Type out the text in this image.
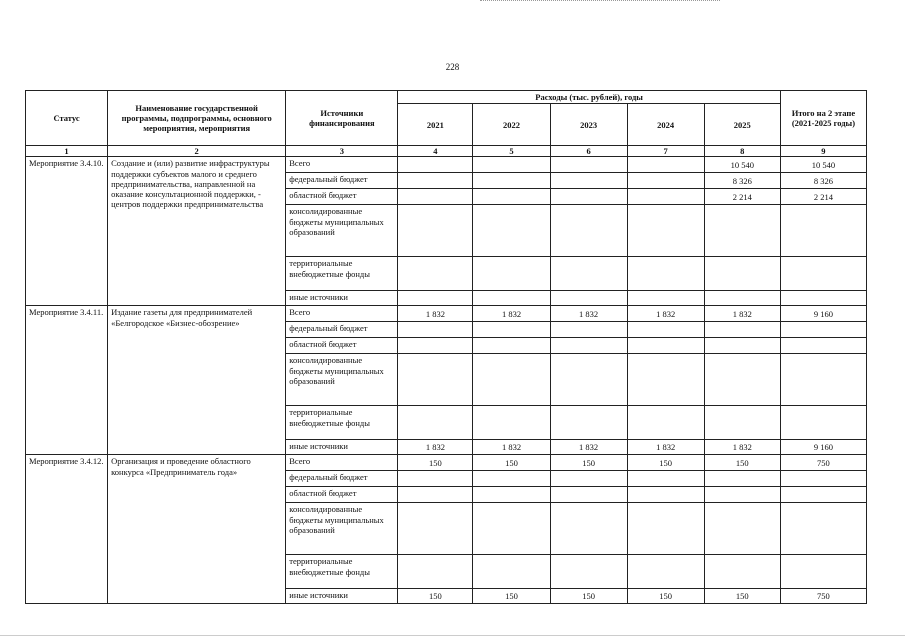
228
Статус	Наименование государственной программы, подпрограммы, основного мероприятия, мероприятия	Источники финансирования	Расходы (тыс. рублей), годы					Итого на 2 этапе (2021-2025 годы)
			2021	2022	2023	2024	2025	
1	2	3	4	5	6	7	8	9
Мероприятие 3.4.10.	Создание и (или) развитие инфраструктуры поддержки субъектов малого и среднего предпринимательства, направленной на оказание консультационной поддержки, - центров поддержки предпринимательства	Всего					10 540	10 540
		федеральный бюджет					8 326	8 326
		областной бюджет					2 214	2 214
		консолидированные бюджеты муниципальных образований						
		территориальные внебюджетные фонды						
		иные источники						
Мероприятие 3.4.11.	Издание газеты для предпринимателей «Белгородское «Бизнес-обозрение»	Всего	1 832	1 832	1 832	1 832	1 832	9 160
		федеральный бюджет						
		областной бюджет						
		консолидированные бюджеты муниципальных образований						
		территориальные внебюджетные фонды						
		иные источники	1 832	1 832	1 832	1 832	1 832	9 160
Мероприятие 3.4.12.	Организация и проведение областного конкурса «Предприниматель года»	Всего	150	150	150	150	150	750
		федеральный бюджет						
		областной бюджет						
		консолидированные бюджеты муниципальных образований						
		территориальные внебюджетные фонды						
		иные источники	150	150	150	150	150	750
